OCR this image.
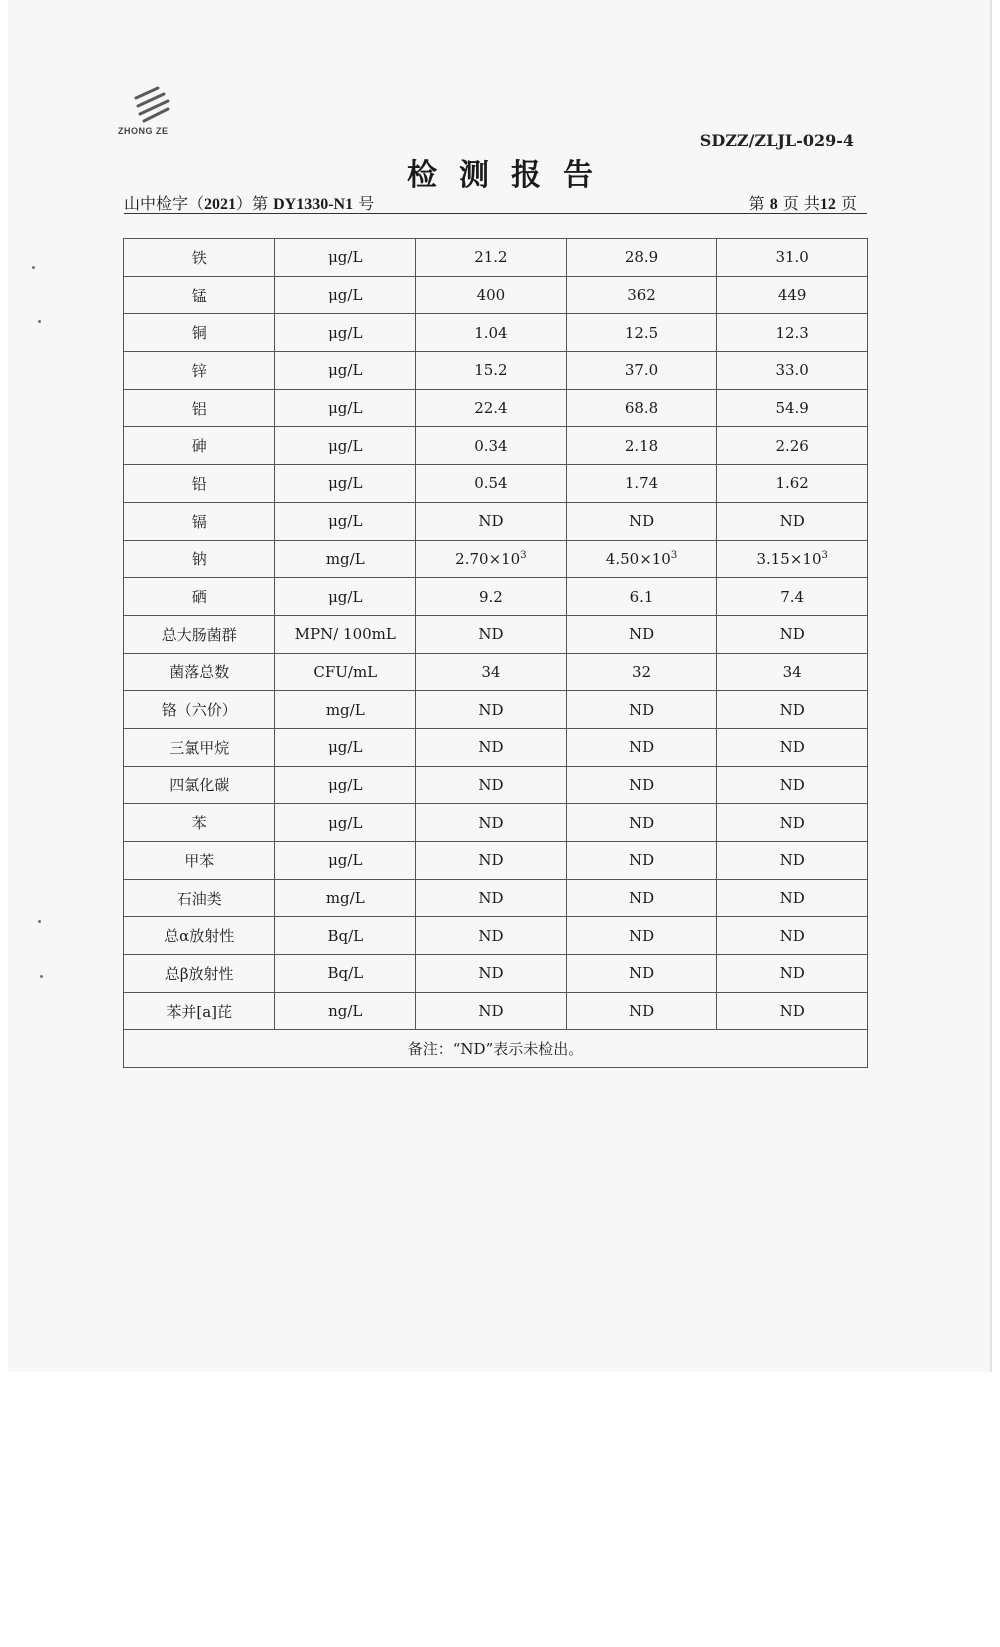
ZHONG ZE	SDZZ/ZLJL-029-4
检测报告
山中检字（2021）第 DY1330-N1 号	第 8 页 共12 页
铁	μg/L	21.2	28.9	31.0
锰	μg/L	400	362	449
铜	μg/L	1.04	12.5	12.3
锌	μg/L	15.2	37.0	33.0
铝	μg/L	22.4	68.8	54.9
砷	μg/L	0.34	2.18	2.26
铅	μg/L	0.54	1.74	1.62
镉	μg/L	ND	ND	ND
钠	mg/L	$2.70\times 10^3$	$4.50\times 10^3$	$3.15\times 10^3$
硒	μg/L	9.2	6.1	7.4
总大肠菌群	MPN/ 100mL	ND	ND	ND
菌落总数	CFU/mL	34	32	34
铬（六价）	mg/L	ND	ND	ND
三氯甲烷	μg/L	ND	ND	ND
四氯化碳	μg/L	ND	ND	ND
苯	μg/L	ND	ND	ND
甲苯	μg/L	ND	ND	ND
石油类	mg/L	ND	ND	ND
总α放射性	Bq/L	ND	ND	ND
总β放射性	Bq/L	ND	ND	ND
苯并[a]芘	ng/L	ND	ND	ND
备注：“ND”表示未检出。				
